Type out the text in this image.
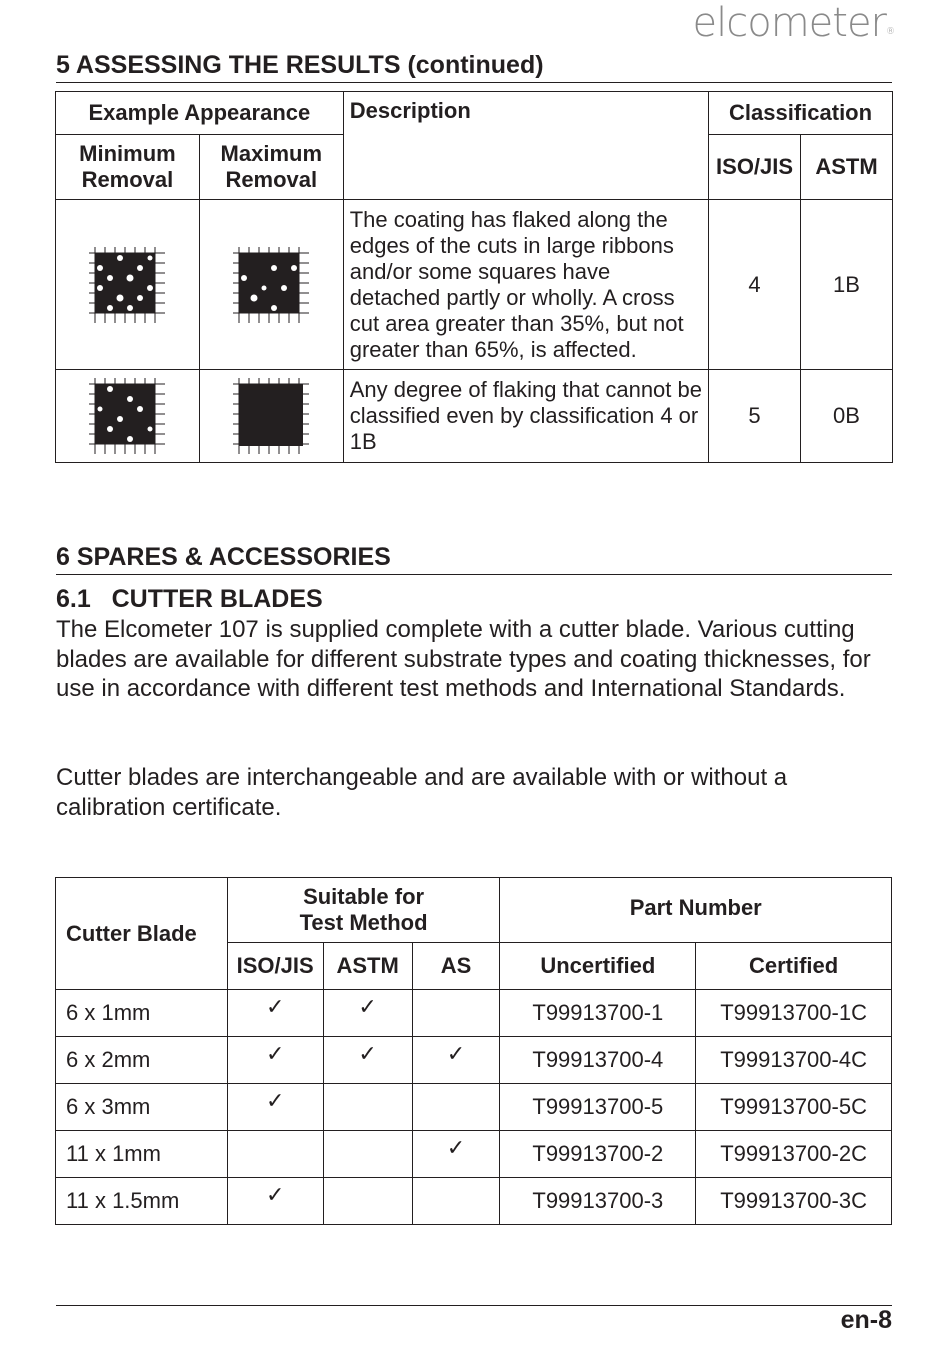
elcometer®
5 ASSESSING THE RESULTS (continued)
Example Appearance		Description	Classification	
Minimum Removal	Maximum Removal		ISO/JIS	ASTM
		The coating has flaked along the edges of the cuts in large ribbons and/or some squares have detached partly or wholly. A cross cut area greater than 35%, but not greater than 65%, is affected.	4	1B
		Any degree of flaking that cannot be classified even by classification 4 or 1B	5	0B
6 SPARES & ACCESSORIES
6.1   CUTTER BLADES

The Elcometer 107 is supplied complete with a cutter blade. Various cutting blades are available for different substrate types and coating thicknesses, for use in accordance with different test methods and International Standards.

Cutter blades are interchangeable and are available with or without a calibration certificate.

Cutter Blade	Suitable for Test Method			Part Number	
	ISO/JIS	ASTM	AS	Uncertified	Certified
6 x 1mm	✓	✓		T99913700-1	T99913700-1C
6 x 2mm	✓	✓	✓	T99913700-4	T99913700-4C
6 x 3mm	✓			T99913700-5	T99913700-5C
11 x 1mm			✓	T99913700-2	T99913700-2C
11 x 1.5mm	✓			T99913700-3	T99913700-3C
en-8
